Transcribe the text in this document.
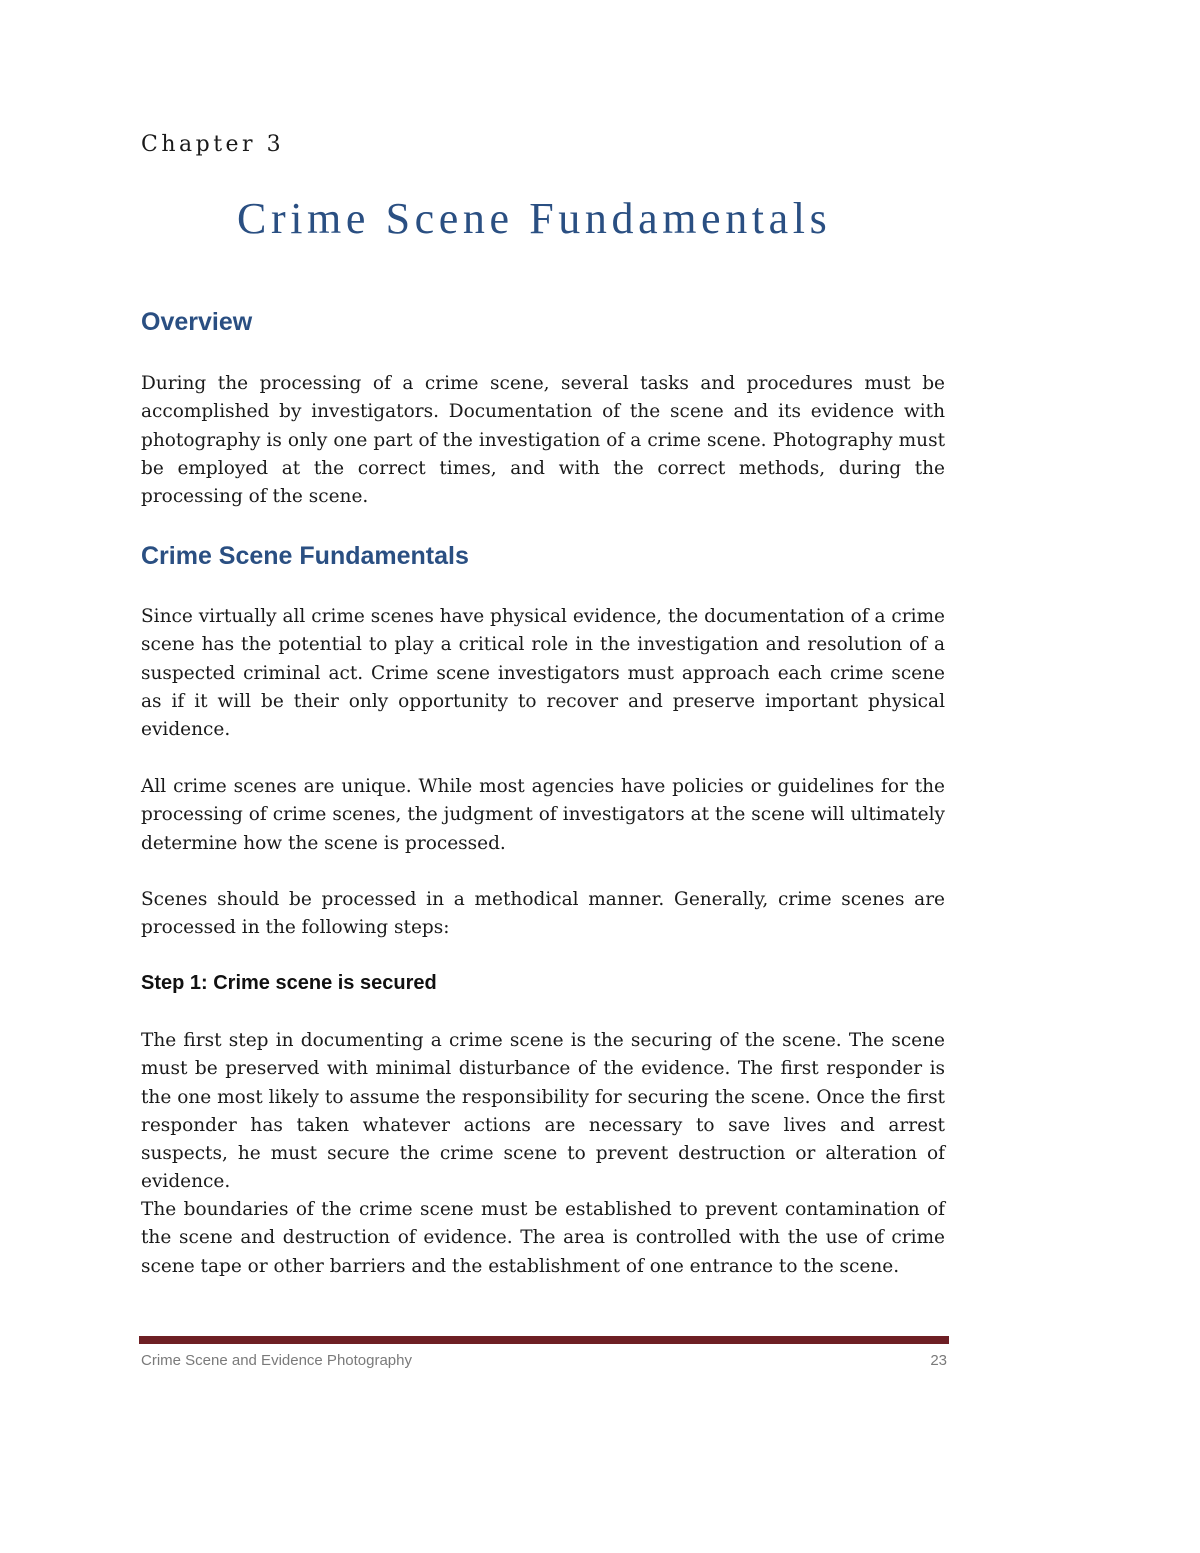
Chapter 3

Crime Scene Fundamentals
Overview

During the processing of a crime scene, several tasks and procedures must be accomplished by investigators. Documentation of the scene and its evidence with photography is only one part of the investigation of a crime scene. Photography must be employed at the correct times, and with the correct methods, during the processing of the scene.

Crime Scene Fundamentals

Since virtually all crime scenes have physical evidence, the documentation of a crime scene has the potential to play a critical role in the investigation and resolution of a suspected criminal act. Crime scene investigators must approach each crime scene as if it will be their only opportunity to recover and preserve important physical evidence.

All crime scenes are unique. While most agencies have policies or guidelines for the processing of crime scenes, the judgment of investigators at the scene will ultimately determine how the scene is processed.

Scenes should be processed in a methodical manner. Generally, crime scenes are processed in the following steps:

Step 1: Crime scene is secured

The first step in documenting a crime scene is the securing of the scene. The scene must be preserved with minimal disturbance of the evidence. The first responder is the one most likely to assume the responsibility for securing the scene. Once the first responder has taken whatever actions are necessary to save lives and arrest suspects, he must secure the crime scene to prevent destruction or alteration of evidence.

The boundaries of the crime scene must be established to prevent contamination of the scene and destruction of evidence. The area is controlled with the use of crime scene tape or other barriers and the establishment of one entrance to the scene.

Crime Scene and Evidence Photography	23
